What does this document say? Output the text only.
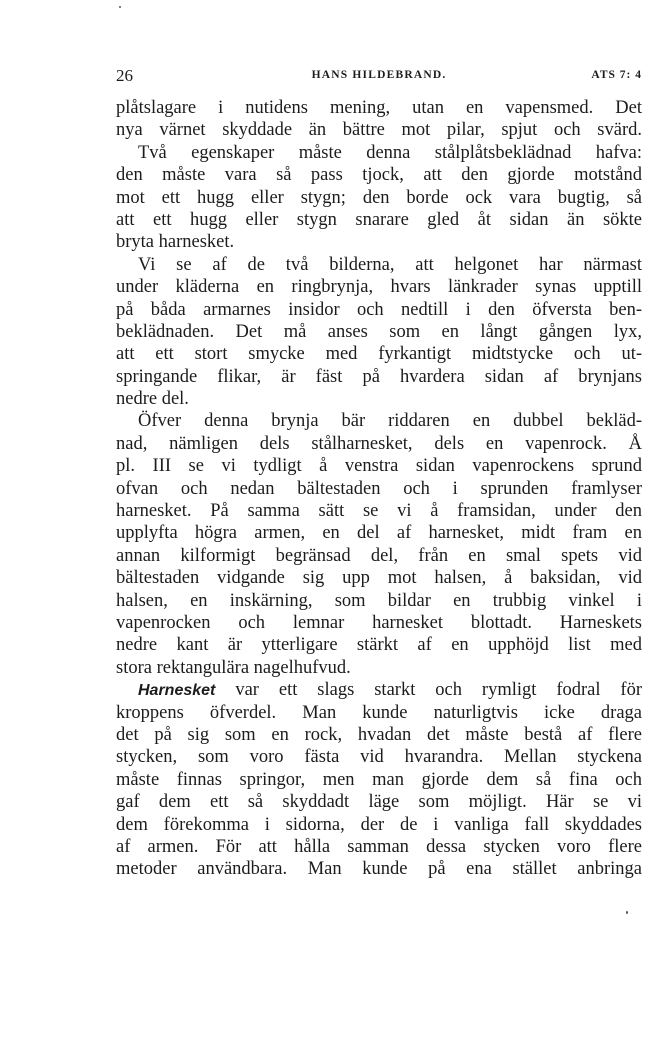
26	HANS HILDEBRAND.	ATS 7: 4
plåtslagare i nutidens mening, utan en vapensmed. Det
nya värnet skyddade än bättre mot pilar, spjut och svärd.
Två egenskaper måste denna stålplåtsbeklädnad hafva:
den måste vara så pass tjock, att den gjorde motstånd
mot ett hugg eller stygn; den borde ock vara bugtig, så
att ett hugg eller stygn snarare gled åt sidan än sökte
bryta harnesket.
Vi se af de två bilderna, att helgonet har närmast
under kläderna en ringbrynja, hvars länkrader synas upptill
på båda armarnes insidor och nedtill i den öfversta ben-
beklädnaden. Det må anses som en långt gången lyx,
att ett stort smycke med fyrkantigt midtstycke och ut-
springande flikar, är fäst på hvardera sidan af brynjans
nedre del.
Öfver denna brynja bär riddaren en dubbel bekläd-
nad, nämligen dels stålharnesket, dels en vapenrock. Å
pl. III se vi tydligt å venstra sidan vapenrockens sprund
ofvan och nedan bältestaden och i sprunden framlyser
harnesket. På samma sätt se vi å framsidan, under den
upplyfta högra armen, en del af harnesket, midt fram en
annan kilformigt begränsad del, från en smal spets vid
bältestaden vidgande sig upp mot halsen, å baksidan, vid
halsen, en inskärning, som bildar en trubbig vinkel i
vapenrocken och lemnar harnesket blottadt. Harneskets
nedre kant är ytterligare stärkt af en upphöjd list med
stora rektangulära nagelhufvud.
Harnesket var ett slags starkt och rymligt fodral för
kroppens öfverdel. Man kunde naturligtvis icke draga
det på sig som en rock, hvadan det måste bestå af flere
stycken, som voro fästa vid hvarandra. Mellan styckena
måste finnas springor, men man gjorde dem så fina och
gaf dem ett så skyddadt läge som möjligt. Här se vi
dem förekomma i sidorna, der de i vanliga fall skyddades
af armen. För att hålla samman dessa stycken voro flere
metoder användbara. Man kunde på ena stället anbringa
